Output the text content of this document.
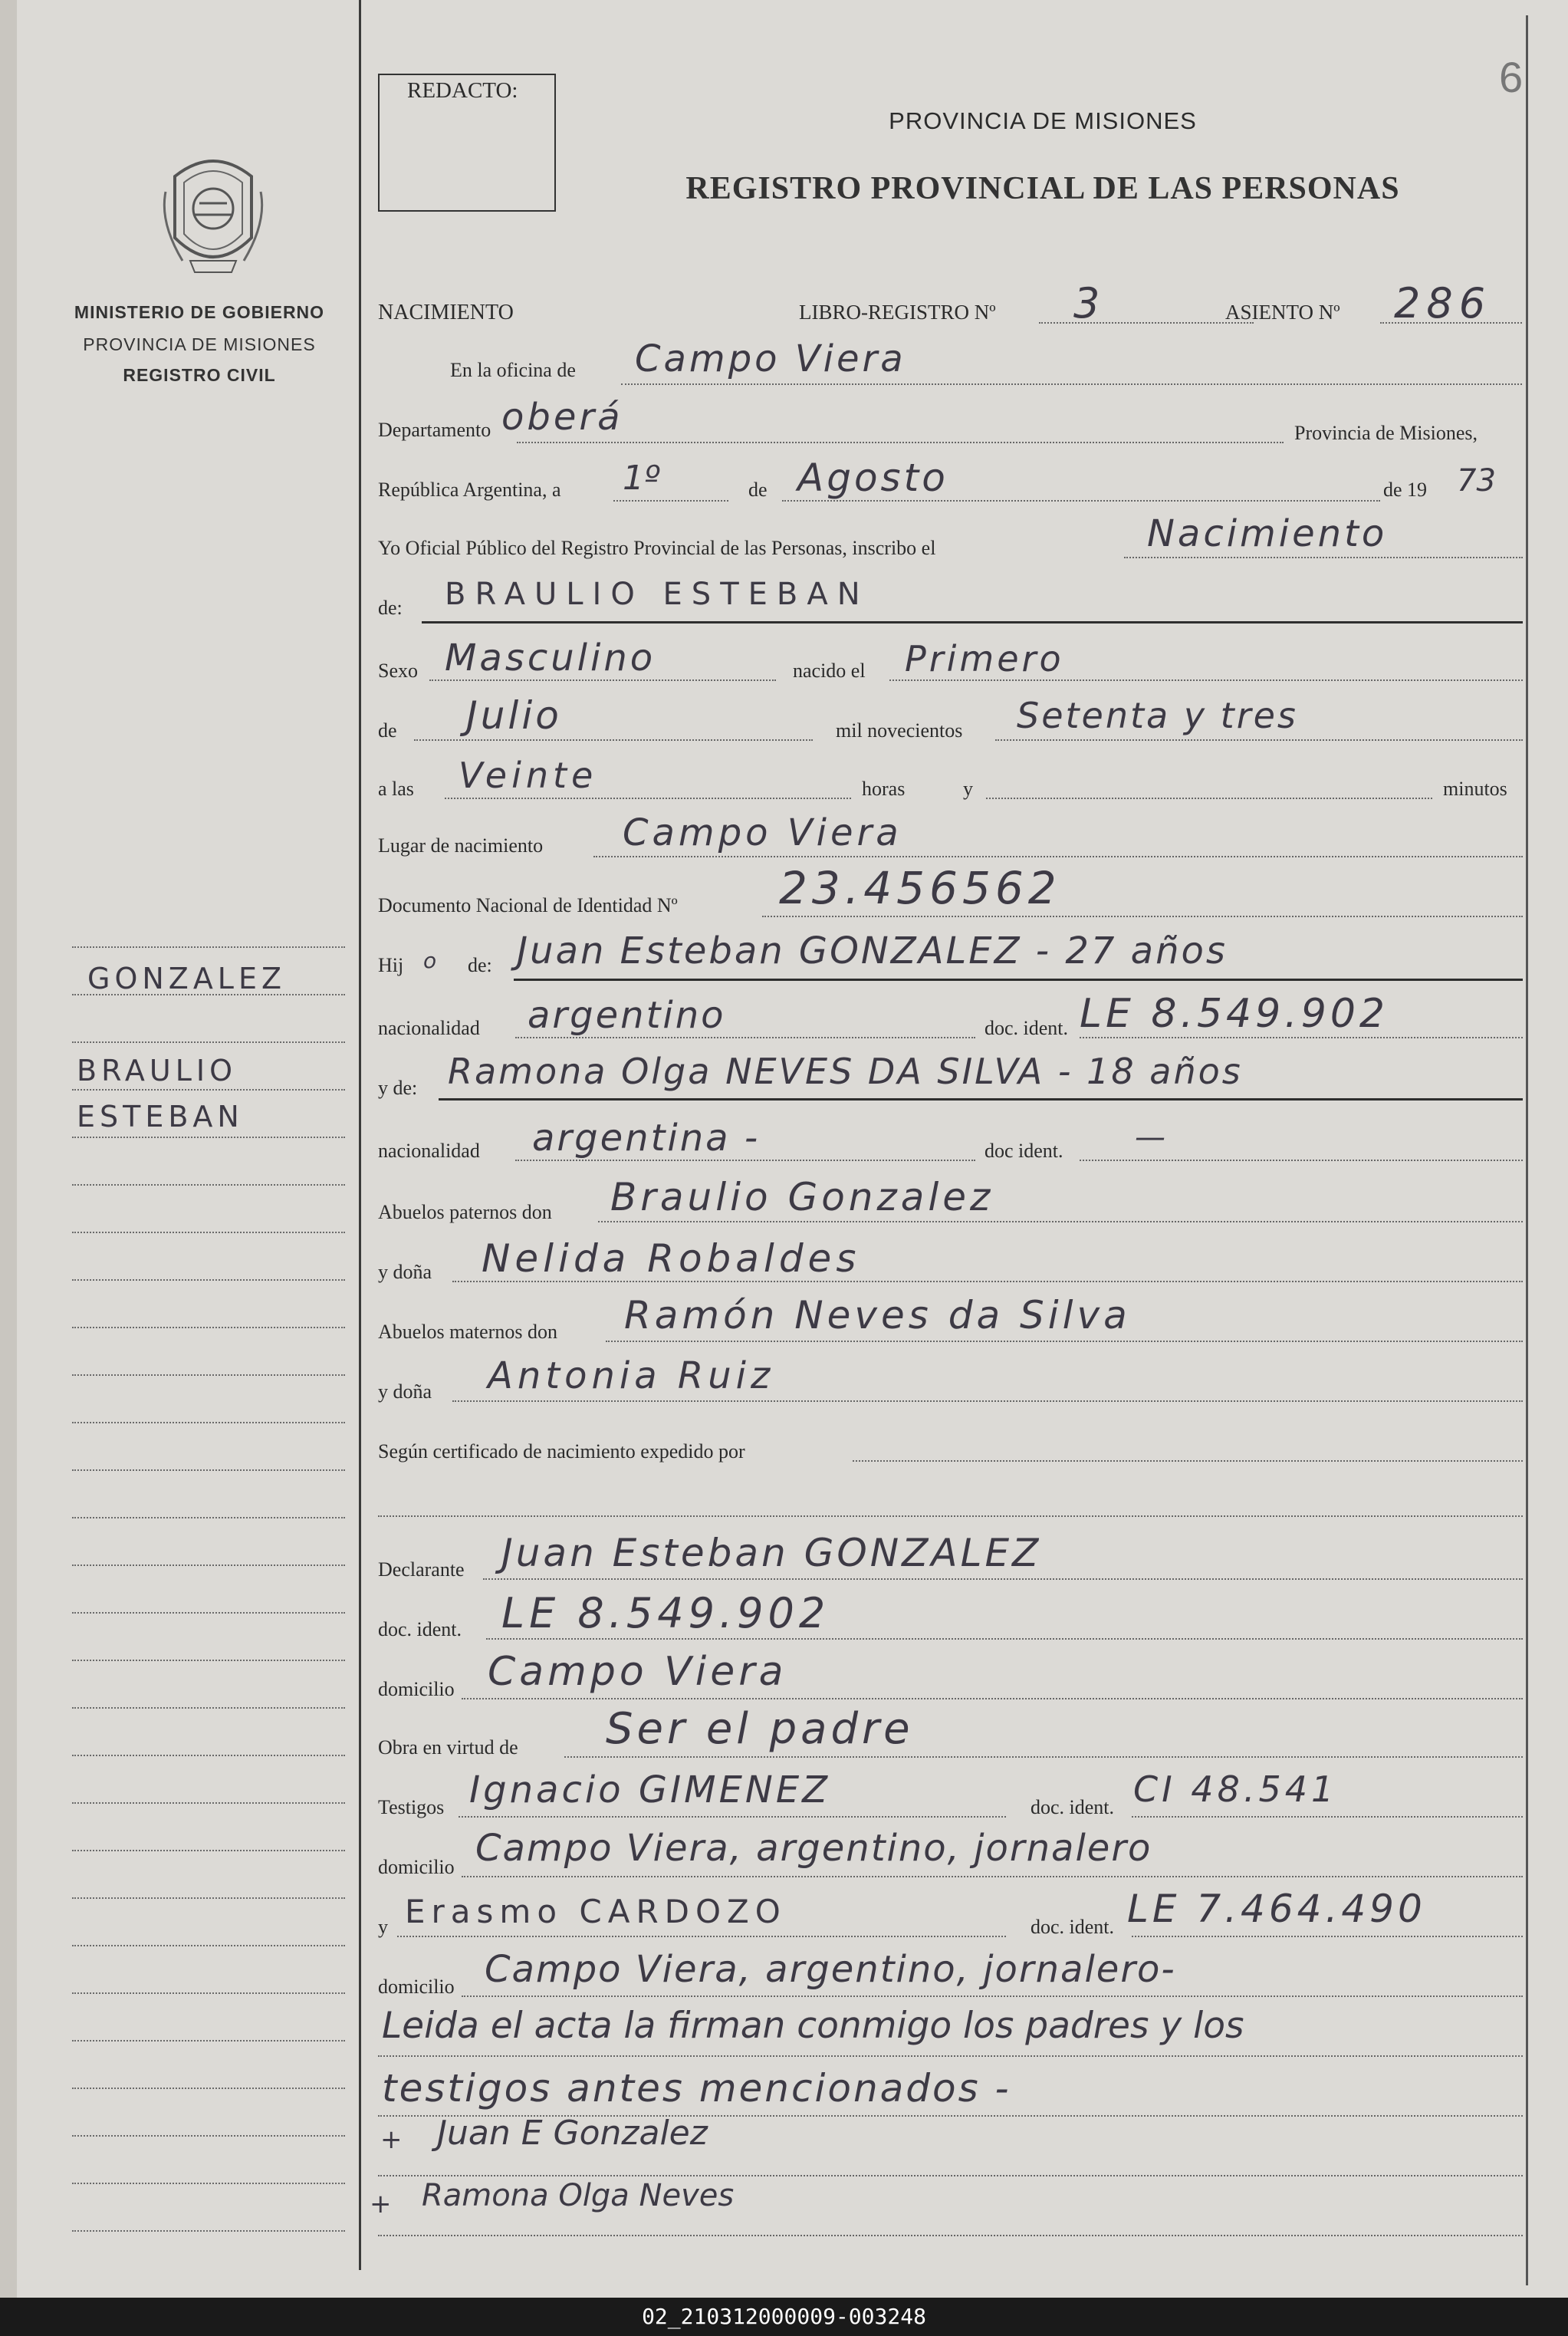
6
REDACTO:
MINISTERIO DE GOBIERNO
PROVINCIA DE MISIONES
REGISTRO CIVIL
PROVINCIA DE MISIONES
REGISTRO PROVINCIAL DE LAS PERSONAS
GONZALEZ
BRAULIO
ESTEBAN
NACIMIENTO	LIBRO-REGISTRO Nº 3	ASIENTO Nº 286
En la oficina de Campo Viera
Departamento oberá	Provincia de Misiones,
República Argentina, a 1º	de Agosto	de 19 73
Yo Oficial Público del Registro Provincial de las Personas, inscribo el	Nacimiento
de: BRAULIO ESTEBAN
Sexo Masculino	nacido el Primero
de Julio	mil novecientos Setenta y tres
a las Veinte	horas	y	minutos
Lugar de nacimiento Campo Viera
Documento Nacional de Identidad Nº 23.456562
Hij o de: Juan Esteban GONZALEZ - 27 años
nacionalidad argentino	doc. ident. LE 8.549.902
y de: Ramona Olga NEVES DA SILVA - 18 años
nacionalidad argentina -	doc ident. —
Abuelos paternos don Braulio Gonzalez
y doña Nelida Robaldes
Abuelos maternos don Ramón Neves da Silva
y doña Antonia Ruiz
Según certificado de nacimiento expedido por
Declarante Juan Esteban GONZALEZ
doc. ident. LE 8.549.902
domicilio Campo Viera
Obra en virtud de Ser el padre
Testigos Ignacio GIMENEZ	doc. ident. CI 48.541
domicilio Campo Viera, argentino, jornalero
y Erasmo CARDOZO	doc. ident. LE 7.464.490
domicilio Campo Viera, argentino, jornalero-
Leida el acta la firman conmigo los padres y los
testigos antes mencionados -
+ Juan E Gonzalez
+ Ramona Olga Neves
02_210312000009-003248
